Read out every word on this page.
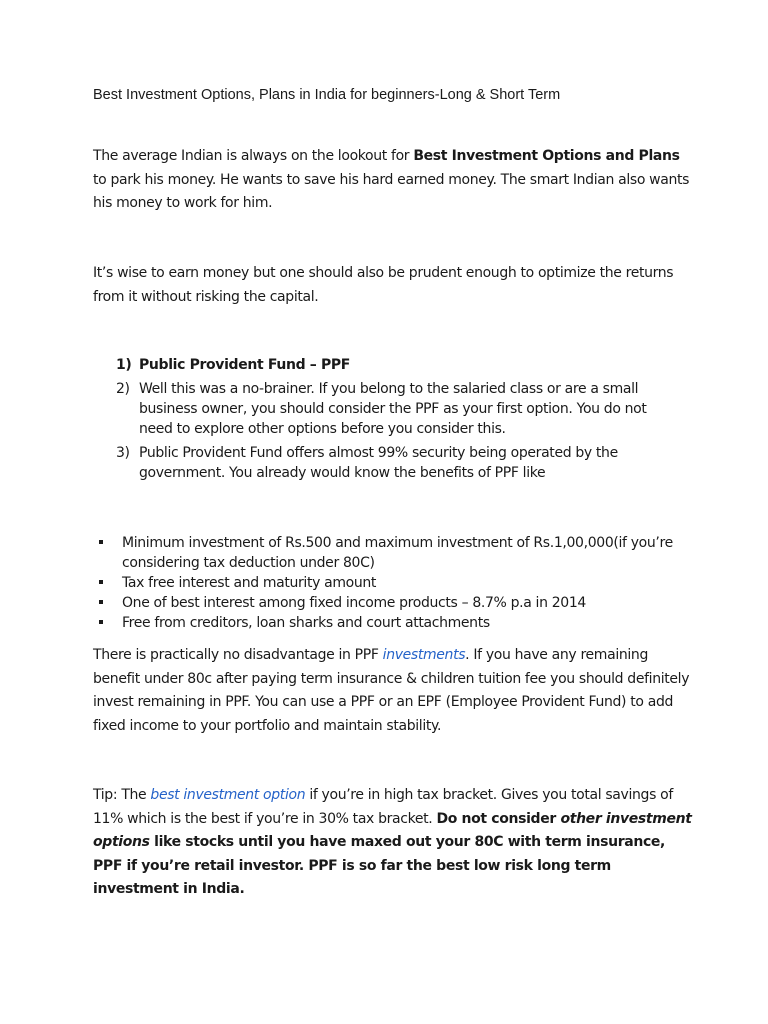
Best Investment Options, Plans in India for beginners-Long & Short Term

The average Indian is always on the lookout for Best Investment Options and Plans to park his money. He wants to save his hard earned money. The smart Indian also wants his money to work for him.

It’s wise to earn money but one should also be prudent enough to optimize the returns from it without risking the capital.

1) Public Provident Fund – PPF
2) Well this was a no-brainer. If you belong to the salaried class or are a small business owner, you should consider the PPF as your first option. You do not need to explore other options before you consider this.
3) Public Provident Fund offers almost 99% security being operated by the government. You already would know the benefits of PPF like
Minimum investment of Rs.500 and maximum investment of Rs.1,00,000(if you’re considering tax deduction under 80C)
Tax free interest and maturity amount
One of best interest among fixed income products – 8.7% p.a in 2014
Free from creditors, loan sharks and court attachments

There is practically no disadvantage in PPF investments. If you have any remaining benefit under 80c after paying term insurance & children tuition fee you should definitely invest remaining in PPF. You can use a PPF or an EPF (Employee Provident Fund) to add fixed income to your portfolio and maintain stability.

Tip: The best investment option if you’re in high tax bracket. Gives you total savings of 11% which is the best if you’re in 30% tax bracket. Do not consider other investment options like stocks until you have maxed out your 80C with term insurance, PPF if you’re retail investor. PPF is so far the best low risk long term investment in India.
